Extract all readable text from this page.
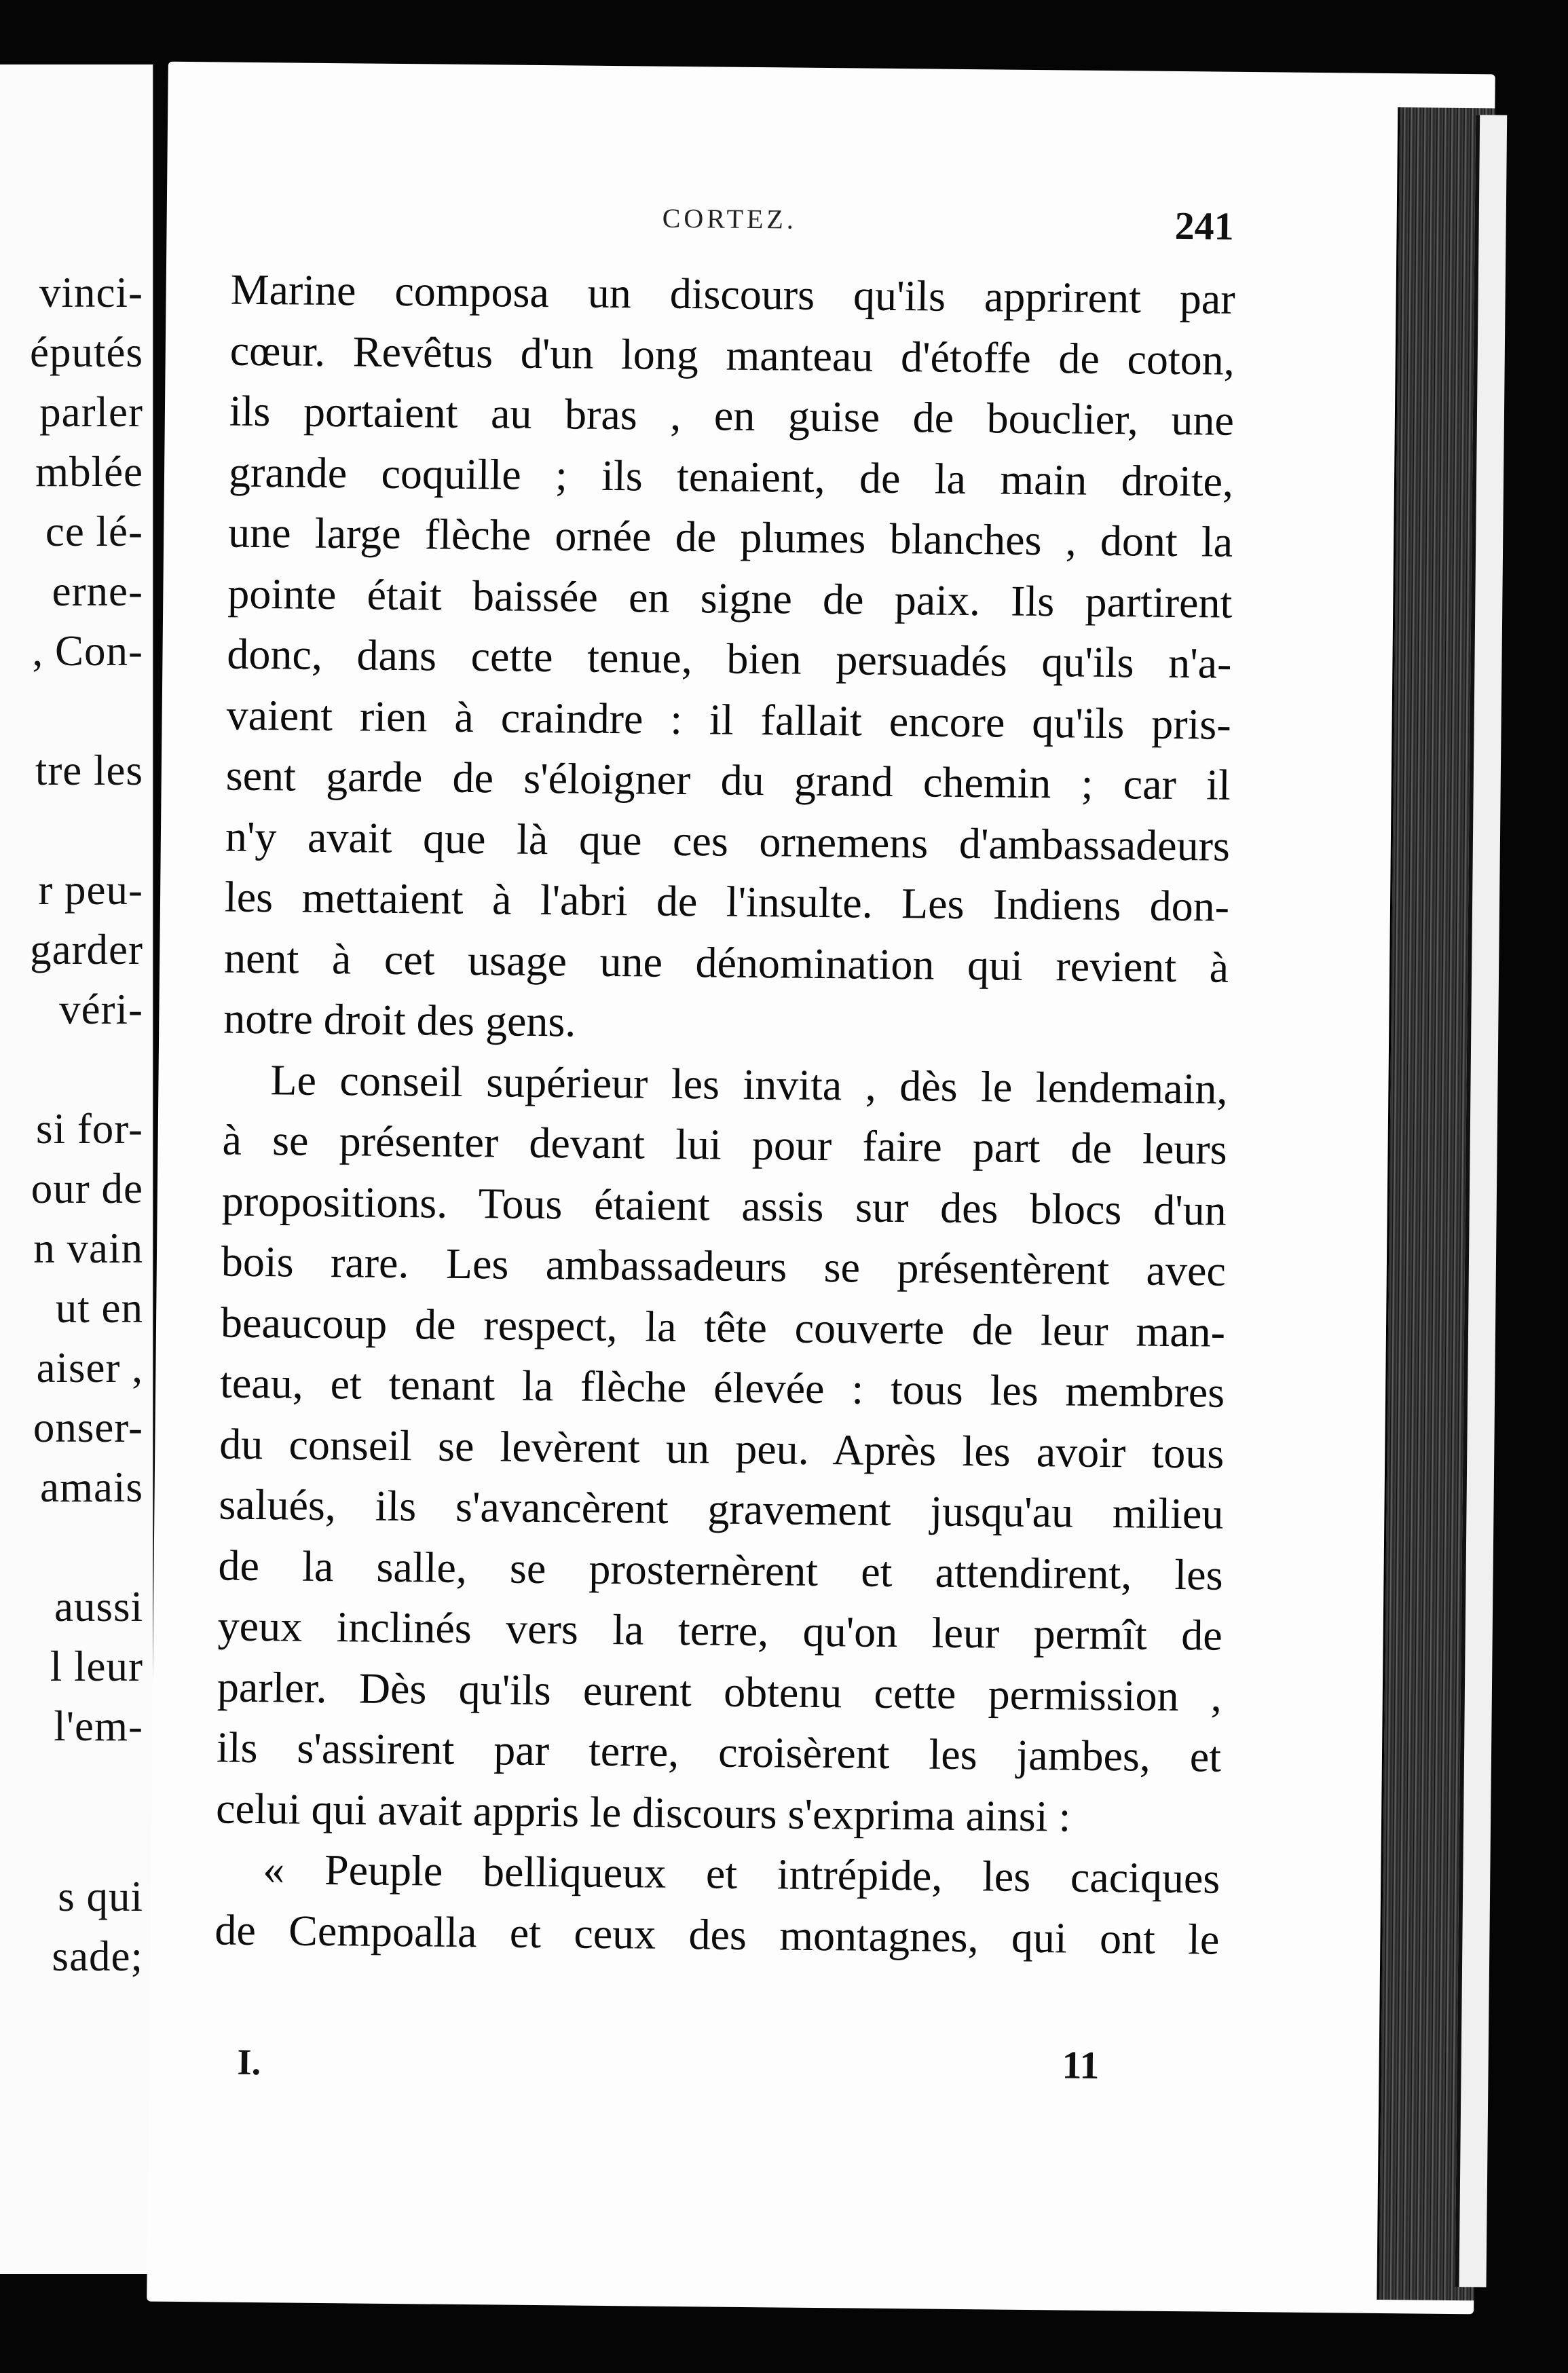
vinci-
éputés
parler
mblée
ce lé-
erne-
, Con-
tre les
r peu-
garder
véri-
si for-
our de
n vain
ut en
aiser ,
onser-
amais
aussi
l leur
l'em-
s qui
sade;
CORTEZ.	241
Marine composa un discours qu'ils apprirent par
cœur. Revêtus d'un long manteau d'étoffe de coton,
ils portaient au bras , en guise de bouclier, une
grande coquille ; ils tenaient, de la main droite,
une large flèche ornée de plumes blanches , dont la
pointe était baissée en signe de paix. Ils partirent
donc, dans cette tenue, bien persuadés qu'ils n'a-
vaient rien à craindre : il fallait encore qu'ils pris-
sent garde de s'éloigner du grand chemin ; car il
n'y avait que là que ces ornemens d'ambassadeurs
les mettaient à l'abri de l'insulte. Les Indiens don-
nent à cet usage une dénomination qui revient à
notre droit des gens.
Le conseil supérieur les invita , dès le lendemain,
à se présenter devant lui pour faire part de leurs
propositions. Tous étaient assis sur des blocs d'un
bois rare. Les ambassadeurs se présentèrent avec
beaucoup de respect, la tête couverte de leur man-
teau, et tenant la flèche élevée : tous les membres
du conseil se levèrent un peu. Après les avoir tous
salués, ils s'avancèrent gravement jusqu'au milieu
de la salle, se prosternèrent et attendirent, les
yeux inclinés vers la terre, qu'on leur permît de
parler. Dès qu'ils eurent obtenu cette permission ,
ils s'assirent par terre, croisèrent les jambes, et
celui qui avait appris le discours s'exprima ainsi :
« Peuple belliqueux et intrépide, les caciques
de Cempoalla et ceux des montagnes, qui ont le
I.	11
